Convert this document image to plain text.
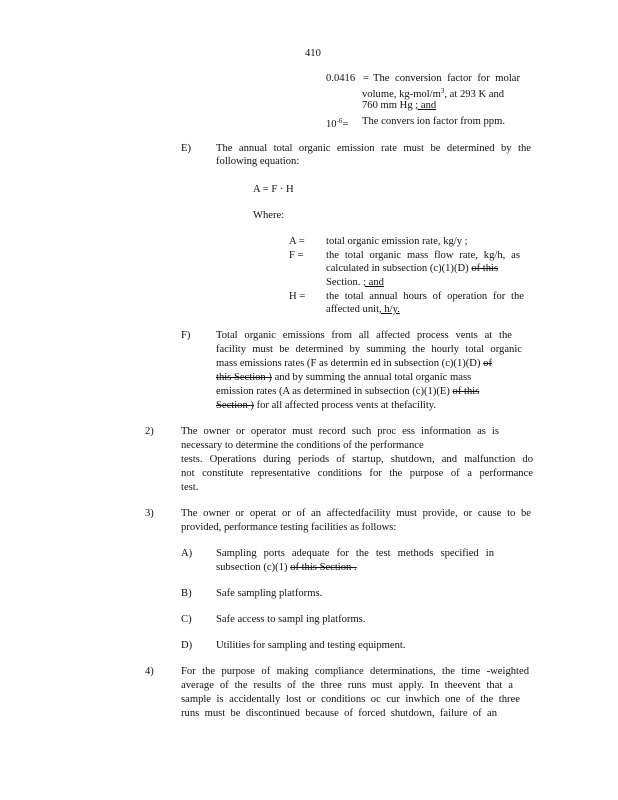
410
0.0416 = The conversion factor for molar
volume, $kg-mol/m^3$, at 293 K and
760 mm Hg ; and
$10^{-6}=$ The convers ion factor from ppm.
E) The annual total organic emission rate must be determined by the
following equation:
A = F · H
Where:
A = total organic emission rate, kg/y ;
F = the total organic mass flow rate, kg/h, as
calculated in subsection (c)(1)(D) of this
Section. ; and
H = the total annual hours of operation for the
affected unit, h/y.
F) Total organic emissions from all affected process vents at the
facility must be determined by summing the hourly total organic
mass emissions rates (F as determin ed in subsection (c)(1)(D) of
this Section ) and by summing the annual total organic mass
emission rates (A as determined in subsection (c)(1)(E) of this
Section ) for all affected process vents at thefacility.
2)	The owner or operator must record such proc ess information as is
necessary to determine the conditions of the performance
tests. Operations during periods of startup, shutdown, and malfunction do
not constitute representative conditions for the purpose of a performance
test.
3)	The owner or operat or of an affectedfacility must provide, or cause to be
provided, performance testing facilities as follows:
A) Sampling ports adequate for the test methods specified in
subsection (c)(1) of this Section .
B) Safe sampling platforms.
C) Safe access to sampl ing platforms.
D) Utilities for sampling and testing equipment.
4)	For the purpose of making compliance determinations, the time -weighted
average of the results of the three runs must apply. In theevent that a
sample is accidentally lost or conditions oc cur inwhich one of the three
runs must be discontinued because of forced shutdown, failure of an
